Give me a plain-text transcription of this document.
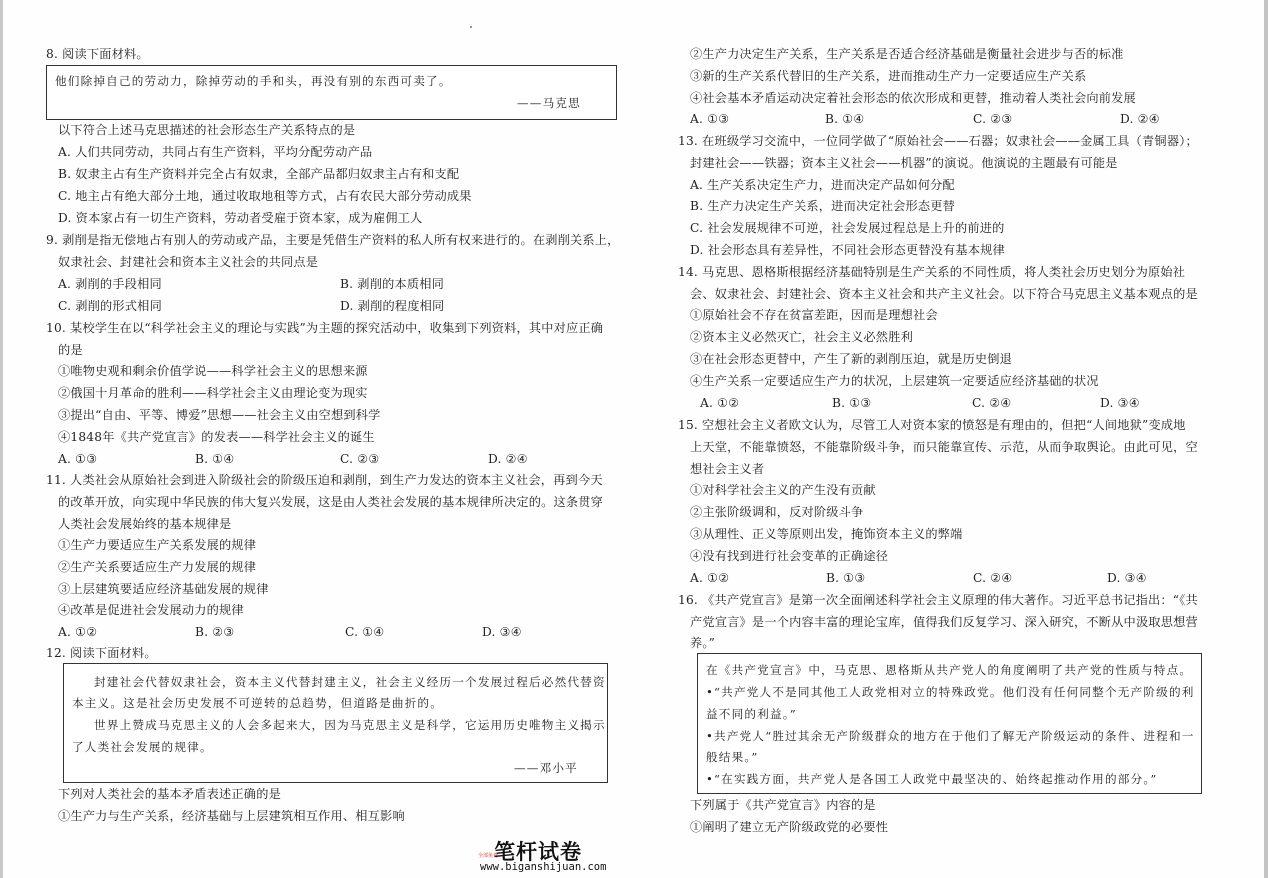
8. 阅读下面材料。
他们除掉自己的劳动力，除掉劳动的手和头，再没有别的东西可卖了。
——马克思
以下符合上述马克思描述的社会形态生产关系特点的是
A. 人们共同劳动，共同占有生产资料，平均分配劳动产品
B. 奴隶主占有生产资料并完全占有奴隶，全部产品都归奴隶主占有和支配
C. 地主占有绝大部分土地，通过收取地租等方式，占有农民大部分劳动成果
D. 资本家占有一切生产资料，劳动者受雇于资本家，成为雇佣工人
9. 剥削是指无偿地占有别人的劳动或产品，主要是凭借生产资料的私人所有权来进行的。在剥削关系上，
奴隶社会、封建社会和资本主义社会的共同点是
A. 剥削的手段相同	B. 剥削的本质相同
C. 剥削的形式相同	D. 剥削的程度相同
10. 某校学生在以“科学社会主义的理论与实践”为主题的探究活动中，收集到下列资料，其中对应正确
的是
①唯物史观和剩余价值学说——科学社会主义的思想来源
②俄国十月革命的胜利——科学社会主义由理论变为现实
③提出“自由、平等、博爱”思想——社会主义由空想到科学
④1848年《共产党宣言》的发表——科学社会主义的诞生
A. ①③	B. ①④	C. ②③	D. ②④
11. 人类社会从原始社会到进入阶级社会的阶级压迫和剥削，到生产力发达的资本主义社会，再到今天
的改革开放，向实现中华民族的伟大复兴发展，这是由人类社会发展的基本规律所决定的。这条贯穿
人类社会发展始终的基本规律是
①生产力要适应生产关系发展的规律
②生产关系要适应生产力发展的规律
③上层建筑要适应经济基础发展的规律
④改革是促进社会发展动力的规律
A. ①②	B. ②③	C. ①④	D. ③④
12. 阅读下面材料。
封建社会代替奴隶社会，资本主义代替封建主义，社会主义经历一个发展过程后必然代替资
本主义。这是社会历史发展不可逆转的总趋势，但道路是曲折的。
世界上赞成马克思主义的人会多起来大，因为马克思主义是科学，它运用历史唯物主义揭示
了人类社会发展的规律。
——邓小平
下列对人类社会的基本矛盾表述正确的是
①生产力与生产关系，经济基础与上层建筑相互作用、相互影响
②生产力决定生产关系，生产关系是否适合经济基础是衡量社会进步与否的标准
③新的生产关系代替旧的生产关系，进而推动生产力一定要适应生产关系
④社会基本矛盾运动决定着社会形态的依次形成和更替，推动着人类社会向前发展
A. ①③	B. ①④	C. ②③	D. ②④
13. 在班级学习交流中，一位同学做了“原始社会——石器；奴隶社会——金属工具（青铜器）；
封建社会——铁器；资本主义社会——机器”的演说。他演说的主题最有可能是
A. 生产关系决定生产力，进而决定产品如何分配
B. 生产力决定生产关系，进而决定社会形态更替
C. 社会发展规律不可逆，社会发展过程总是上升的前进的
D. 社会形态具有差异性，不同社会形态更替没有基本规律
14. 马克思、恩格斯根据经济基础特别是生产关系的不同性质，将人类社会历史划分为原始社
会、奴隶社会、封建社会、资本主义社会和共产主义社会。以下符合马克思主义基本观点的是
①原始社会不存在贫富差距，因而是理想社会
②资本主义必然灭亡，社会主义必然胜利
③在社会形态更替中，产生了新的剥削压迫，就是历史倒退
④生产关系一定要适应生产力的状况，上层建筑一定要适应经济基础的状况
A. ①②	B. ①③	C. ②④	D. ③④
15. 空想社会主义者欧文认为，尽管工人对资本家的愤怒是有理由的，但把“人间地狱”变成地
上天堂，不能靠愤怒，不能靠阶级斗争，而只能靠宣传、示范，从而争取舆论。由此可见，空
想社会主义者
①对科学社会主义的产生没有贡献
②主张阶级调和，反对阶级斗争
③从理性、正义等原则出发，掩饰资本主义的弊端
④没有找到进行社会变革的正确途径
A. ①②	B. ①③	C. ②④	D. ③④
16. 《共产党宣言》是第一次全面阐述科学社会主义原理的伟大著作。习近平总书记指出：“《共
产党宣言》是一个内容丰富的理论宝库，值得我们反复学习、深入研究，不断从中汲取思想营
养。”
在《共产党宣言》中，马克思、恩格斯从共产党人的角度阐明了共产党的性质与特点。
•“共产党人不是同其他工人政党相对立的特殊政党。他们没有任何同整个无产阶级的利
益不同的利益。”
•共产党人“胜过其余无产阶级群众的地方在于他们了解无产阶级运动的条件、进程和一
般结果。”
•“在实践方面，共产党人是各国工人政党中最坚决的、始终起推动作用的部分。”
下列属于《共产党宣言》内容的是
①阐明了建立无产阶级政党的必要性
全部免费
笔杆试卷
www.biganshijuan.com
